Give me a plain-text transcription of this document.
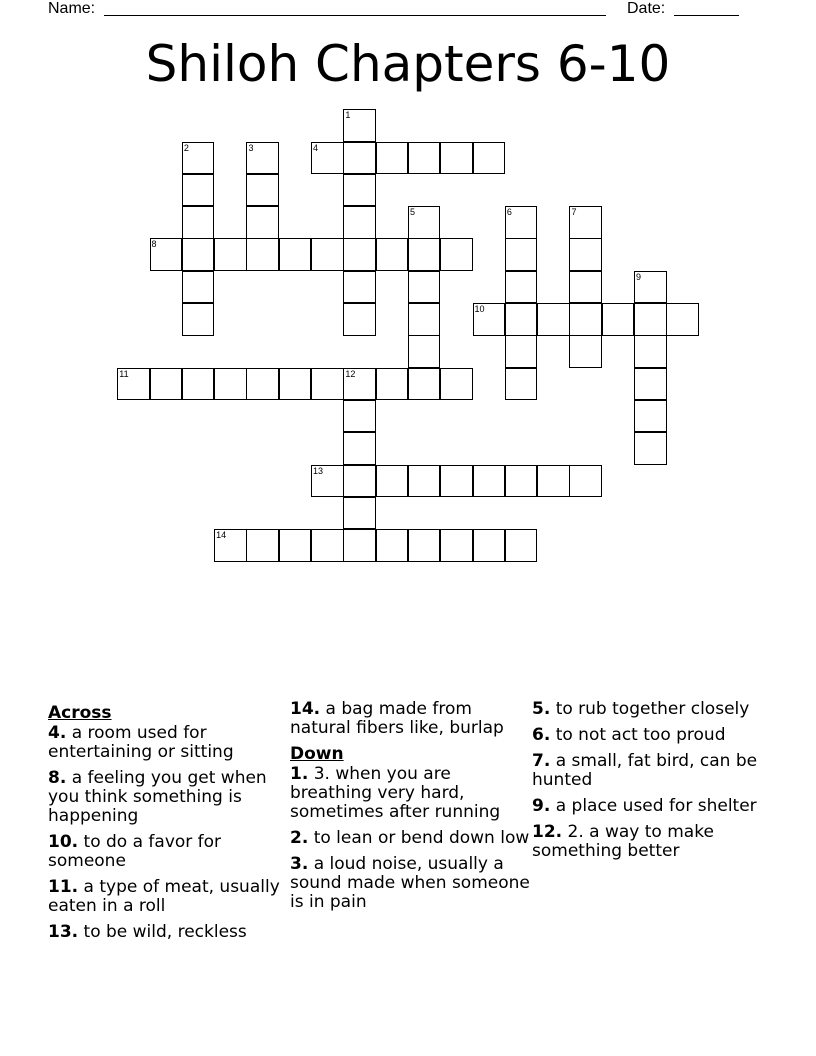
Name:	Date:
Shiloh Chapters 6-10
1
2	3	4
5	6	7
8
9
10
11	12
13
14
Across
4. a room used for entertaining or sitting
8. a feeling you get when you think something is happening
10. to do a favor for someone
11. a type of meat, usually eaten in a roll
13. to be wild, reckless
14. a bag made from natural fibers like, burlap
Down
1. 3. when you are breathing very hard, sometimes after running
2. to lean or bend down low
3. a loud noise, usually a sound made when someone is in pain
5. to rub together closely
6. to not act too proud
7. a small, fat bird, can be hunted
9. a place used for shelter
12. 2. a way to make something better
